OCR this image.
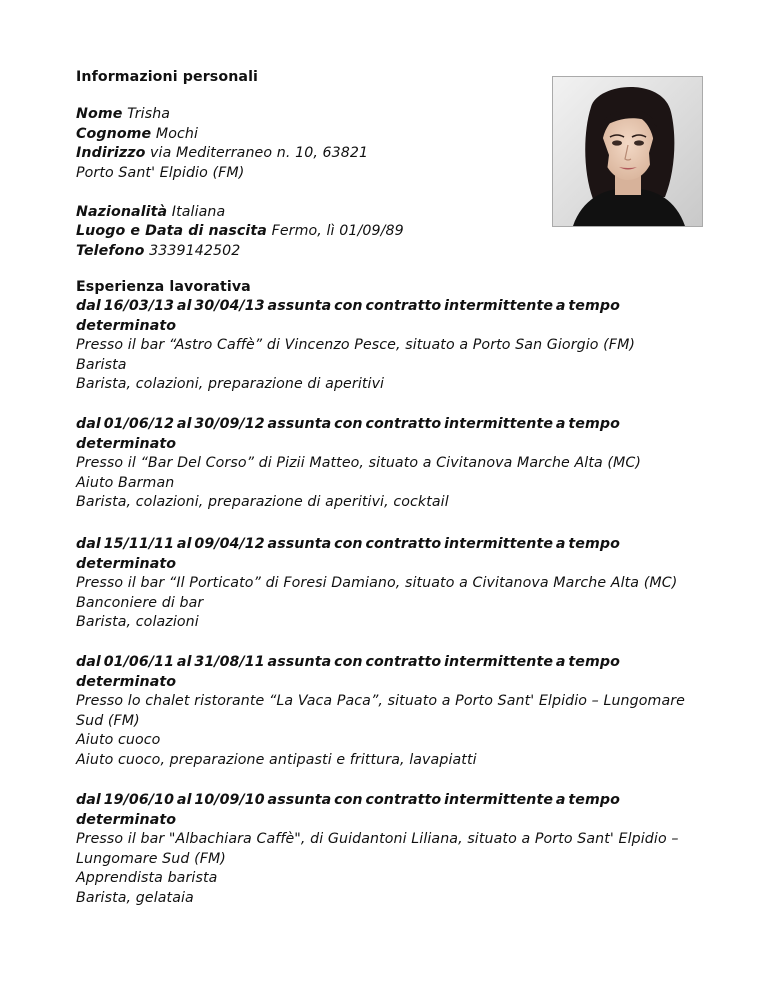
Informazioni personali
Nome Trisha
Cognome Mochi
Indirizzo via Mediterraneo n. 10, 63821
Porto Sant' Elpidio (FM)
Nazionalità Italiana
Luogo e Data di nascita Fermo, lì 01/09/89
Telefono 3339142502
Esperienza lavorativa
dal 16/03/13 al 30/04/13 assunta con contratto intermittente a tempo
determinato
Presso il bar “Astro Caffè” di Vincenzo Pesce, situato a Porto San Giorgio (FM)
Barista
Barista, colazioni, preparazione di aperitivi
dal 01/06/12 al 30/09/12 assunta con contratto intermittente a tempo
determinato
Presso il “Bar Del Corso” di Pizii Matteo, situato a Civitanova Marche Alta (MC)
Aiuto Barman
Barista, colazioni, preparazione di aperitivi, cocktail
dal 15/11/11 al 09/04/12 assunta con contratto intermittente a tempo
determinato
Presso il bar “Il Porticato” di Foresi Damiano, situato a Civitanova Marche Alta (MC)
Banconiere di bar
Barista, colazioni
dal 01/06/11 al 31/08/11 assunta con contratto intermittente a tempo
determinato
Presso lo chalet ristorante “La Vaca Paca”, situato a Porto Sant' Elpidio – Lungomare
Sud (FM)
Aiuto cuoco
Aiuto cuoco, preparazione antipasti e frittura, lavapiatti
dal 19/06/10 al 10/09/10 assunta con contratto intermittente a tempo
determinato
Presso il bar "Albachiara Caffè", di Guidantoni Liliana, situato a Porto Sant' Elpidio –
Lungomare Sud (FM)
Apprendista barista
Barista, gelataia
